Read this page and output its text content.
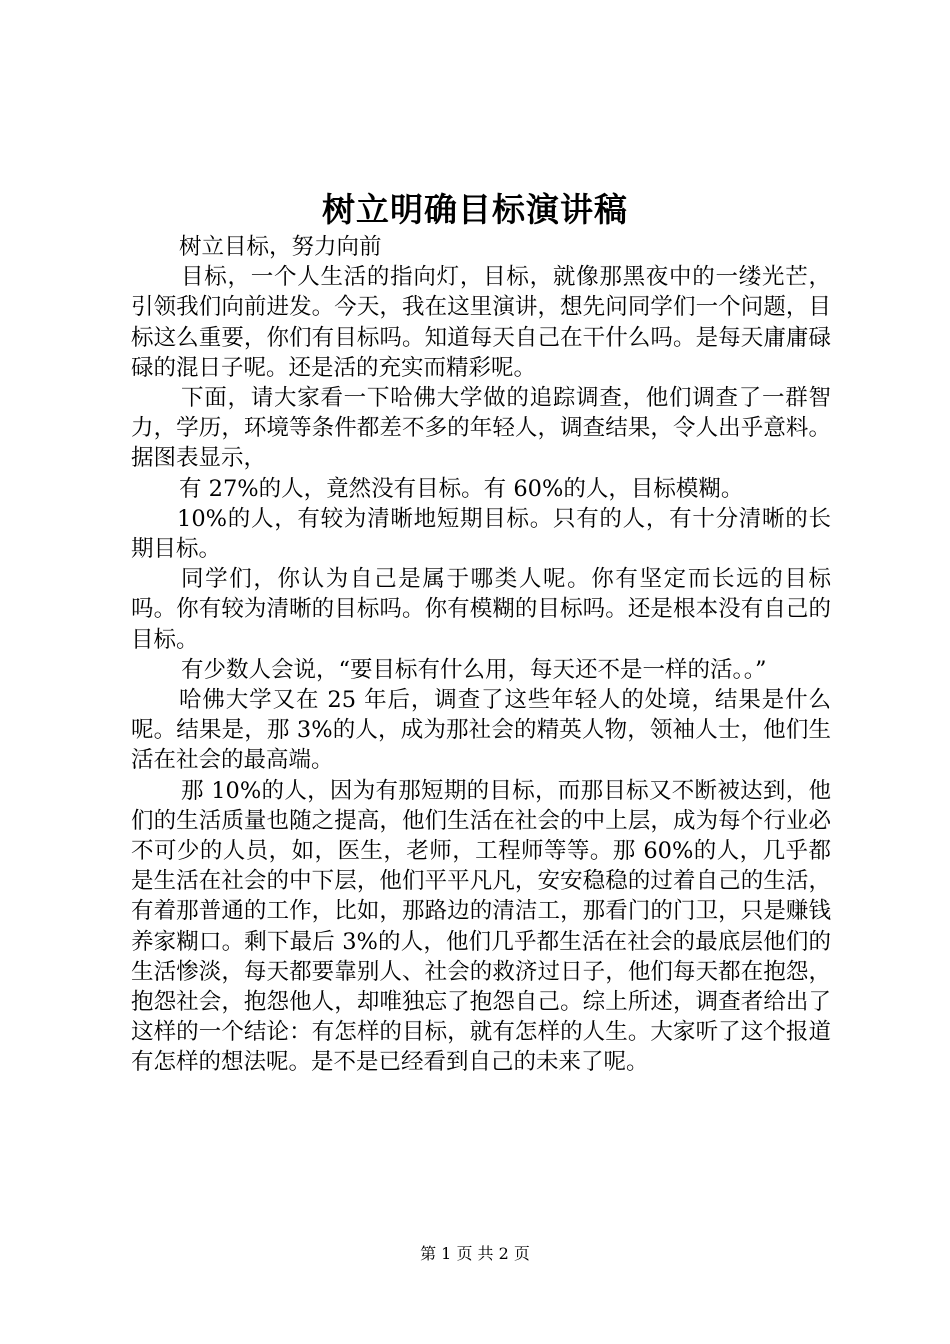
树立明确目标演讲稿

树立目标，努力向前

目标，一个人生活的指向灯，目标，就像那黑夜中的一缕光芒，引领我们向前进发。今天，我在这里演讲，想先问同学们一个问题，目标这么重要，你们有目标吗。知道每天自己在干什么吗。是每天庸庸碌碌的混日子呢。还是活的充实而精彩呢。

下面，请大家看一下哈佛大学做的追踪调查，他们调查了一群智力，学历，环境等条件都差不多的年轻人，调查结果，令人出乎意料。据图表显示，

有 27%的人，竟然没有目标。有 60%的人，目标模糊。

10%的人，有较为清晰地短期目标。只有的人，有十分清晰的长期目标。

同学们，你认为自己是属于哪类人呢。你有坚定而长远的目标吗。你有较为清晰的目标吗。你有模糊的目标吗。还是根本没有自己的目标。

有少数人会说，“要目标有什么用，每天还不是一样的活。。”

哈佛大学又在 25 年后，调查了这些年轻人的处境，结果是什么呢。结果是，那 3%的人，成为那社会的精英人物，领袖人士，他们生活在社会的最高端。

那 10%的人，因为有那短期的目标，而那目标又不断被达到，他们的生活质量也随之提高，他们生活在社会的中上层，成为每个行业必不可少的人员，如，医生，老师，工程师等等。那 60%的人，几乎都是生活在社会的中下层，他们平平凡凡，安安稳稳的过着自己的生活，有着那普通的工作，比如，那路边的清洁工，那看门的门卫，只是赚钱养家糊口。剩下最后 3%的人，他们几乎都生活在社会的最底层他们的生活惨淡，每天都要靠别人、社会的救济过日子，他们每天都在抱怨，抱怨社会，抱怨他人，却唯独忘了抱怨自己。综上所述，调查者给出了这样的一个结论：有怎样的目标，就有怎样的人生。大家听了这个报道有怎样的想法呢。是不是已经看到自己的未来了呢。

第 1 页 共 2 页
